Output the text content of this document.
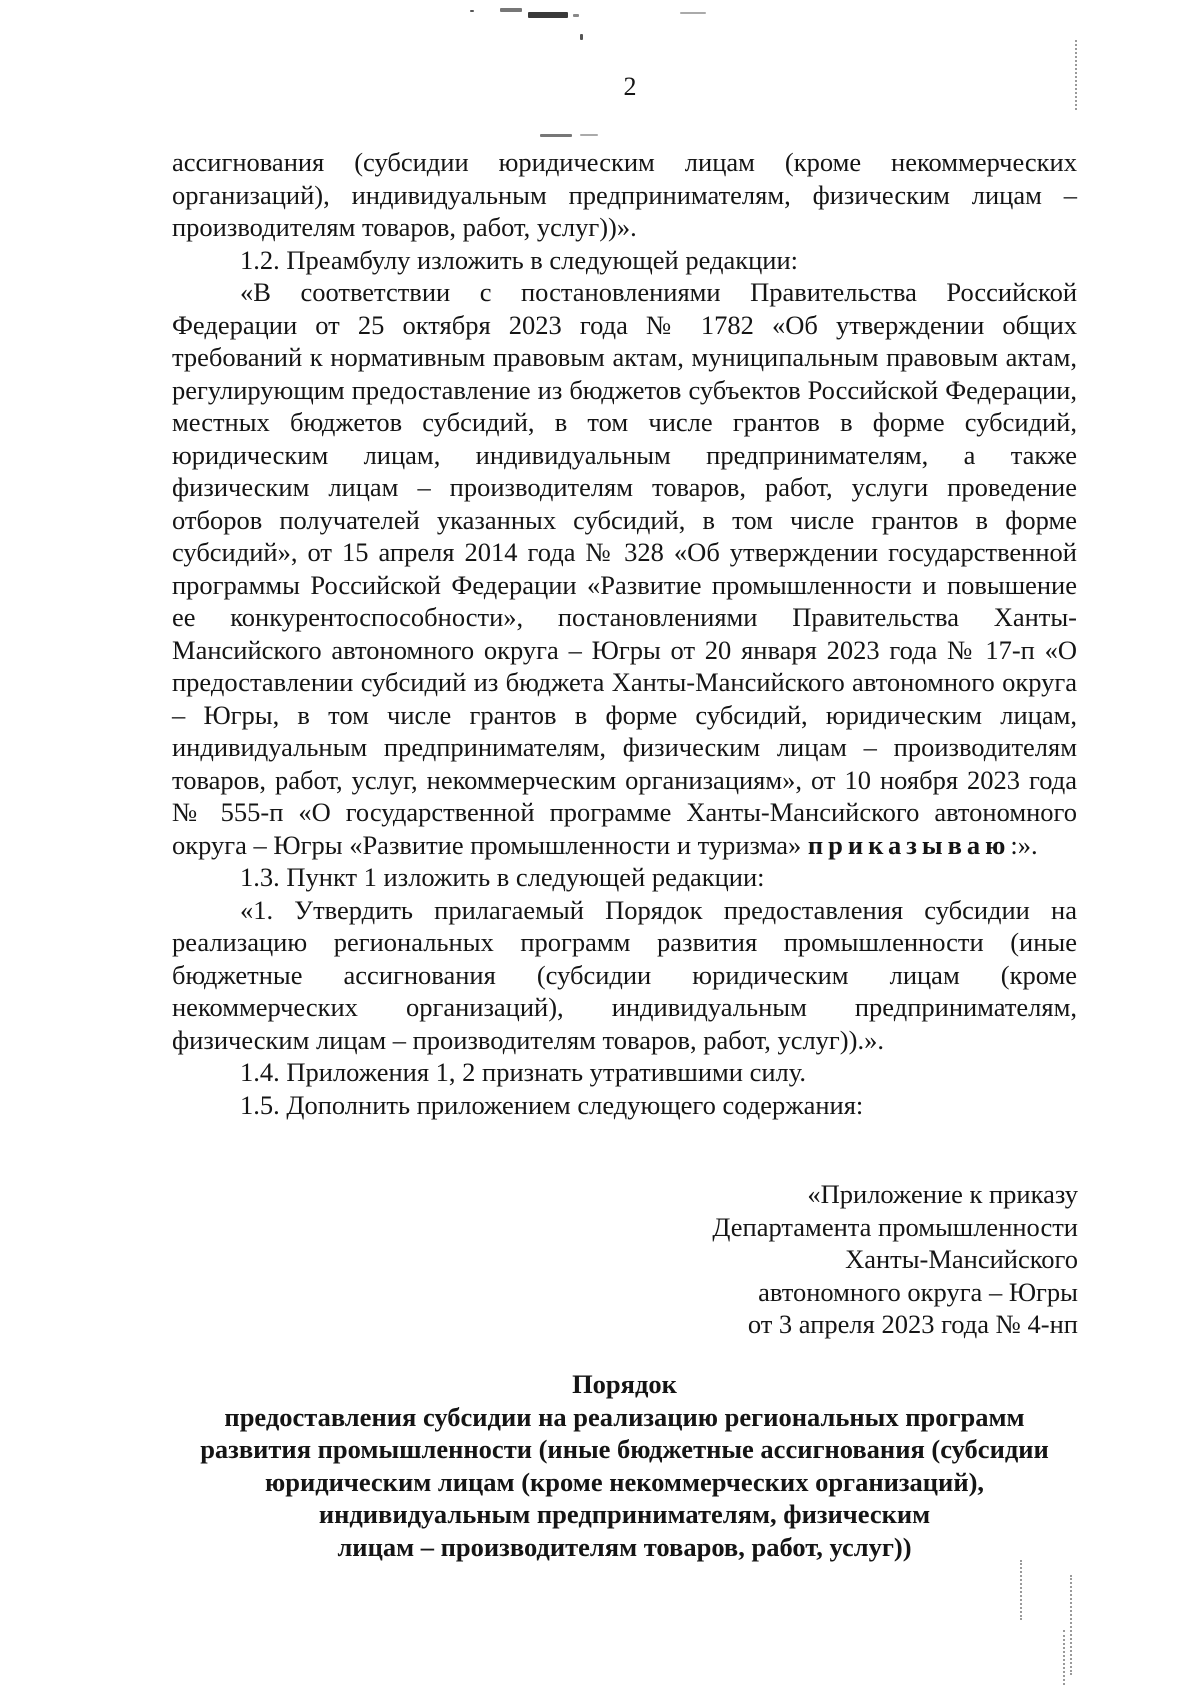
2

ассигнования (субсидии юридическим лицам (кроме некоммерческих организаций), индивидуальным предпринимателям, физическим лицам – производителям товаров, работ, услуг))».

1.2. Преамбулу изложить в следующей редакции:

«В соответствии с постановлениями Правительства Российской Федерации от 25 октября 2023 года № 1782 «Об утверждении общих требований к нормативным правовым актам, муниципальным правовым актам, регулирующим предоставление из бюджетов субъектов Российской Федерации, местных бюджетов субсидий, в том числе грантов в форме субсидий, юридическим лицам, индивидуальным предпринимателям, а также физическим лицам – производителям товаров, работ, услуги проведение отборов получателей указанных субсидий, в том числе грантов в форме субсидий», от 15 апреля 2014 года № 328 «Об утверждении государственной программы Российской Федерации «Развитие промышленности и повышение ее конкурентоспособности», постановлениями Правительства Ханты-Мансийского автономного округа – Югры от 20 января 2023 года № 17-п «О предоставлении субсидий из бюджета Ханты-Мансийского автономного округа – Югры, в том числе грантов в форме субсидий, юридическим лицам, индивидуальным предпринимателям, физическим лицам – производителям товаров, работ, услуг, некоммерческим организациям», от 10 ноября 2023 года № 555-п «О государственной программе Ханты-Мансийского автономного округа – Югры «Развитие промышленности и туризма» приказываю:».

1.3. Пункт 1 изложить в следующей редакции:

«1. Утвердить прилагаемый Порядок предоставления субсидии на реализацию региональных программ развития промышленности (иные бюджетные ассигнования (субсидии юридическим лицам (кроме некоммерческих организаций), индивидуальным предпринимателям, физическим лицам – производителям товаров, работ, услуг)).».

1.4. Приложения 1, 2 признать утратившими силу.

1.5. Дополнить приложением следующего содержания:

«Приложение к приказу
Департамента промышленности
Ханты-Мансийского
автономного округа – Югры
от 3 апреля 2023 года № 4-нп
Порядок
предоставления субсидии на реализацию региональных программ
развития промышленности (иные бюджетные ассигнования (субсидии
юридическим лицам (кроме некоммерческих организаций),
индивидуальным предпринимателям, физическим
лицам – производителям товаров, работ, услуг))
